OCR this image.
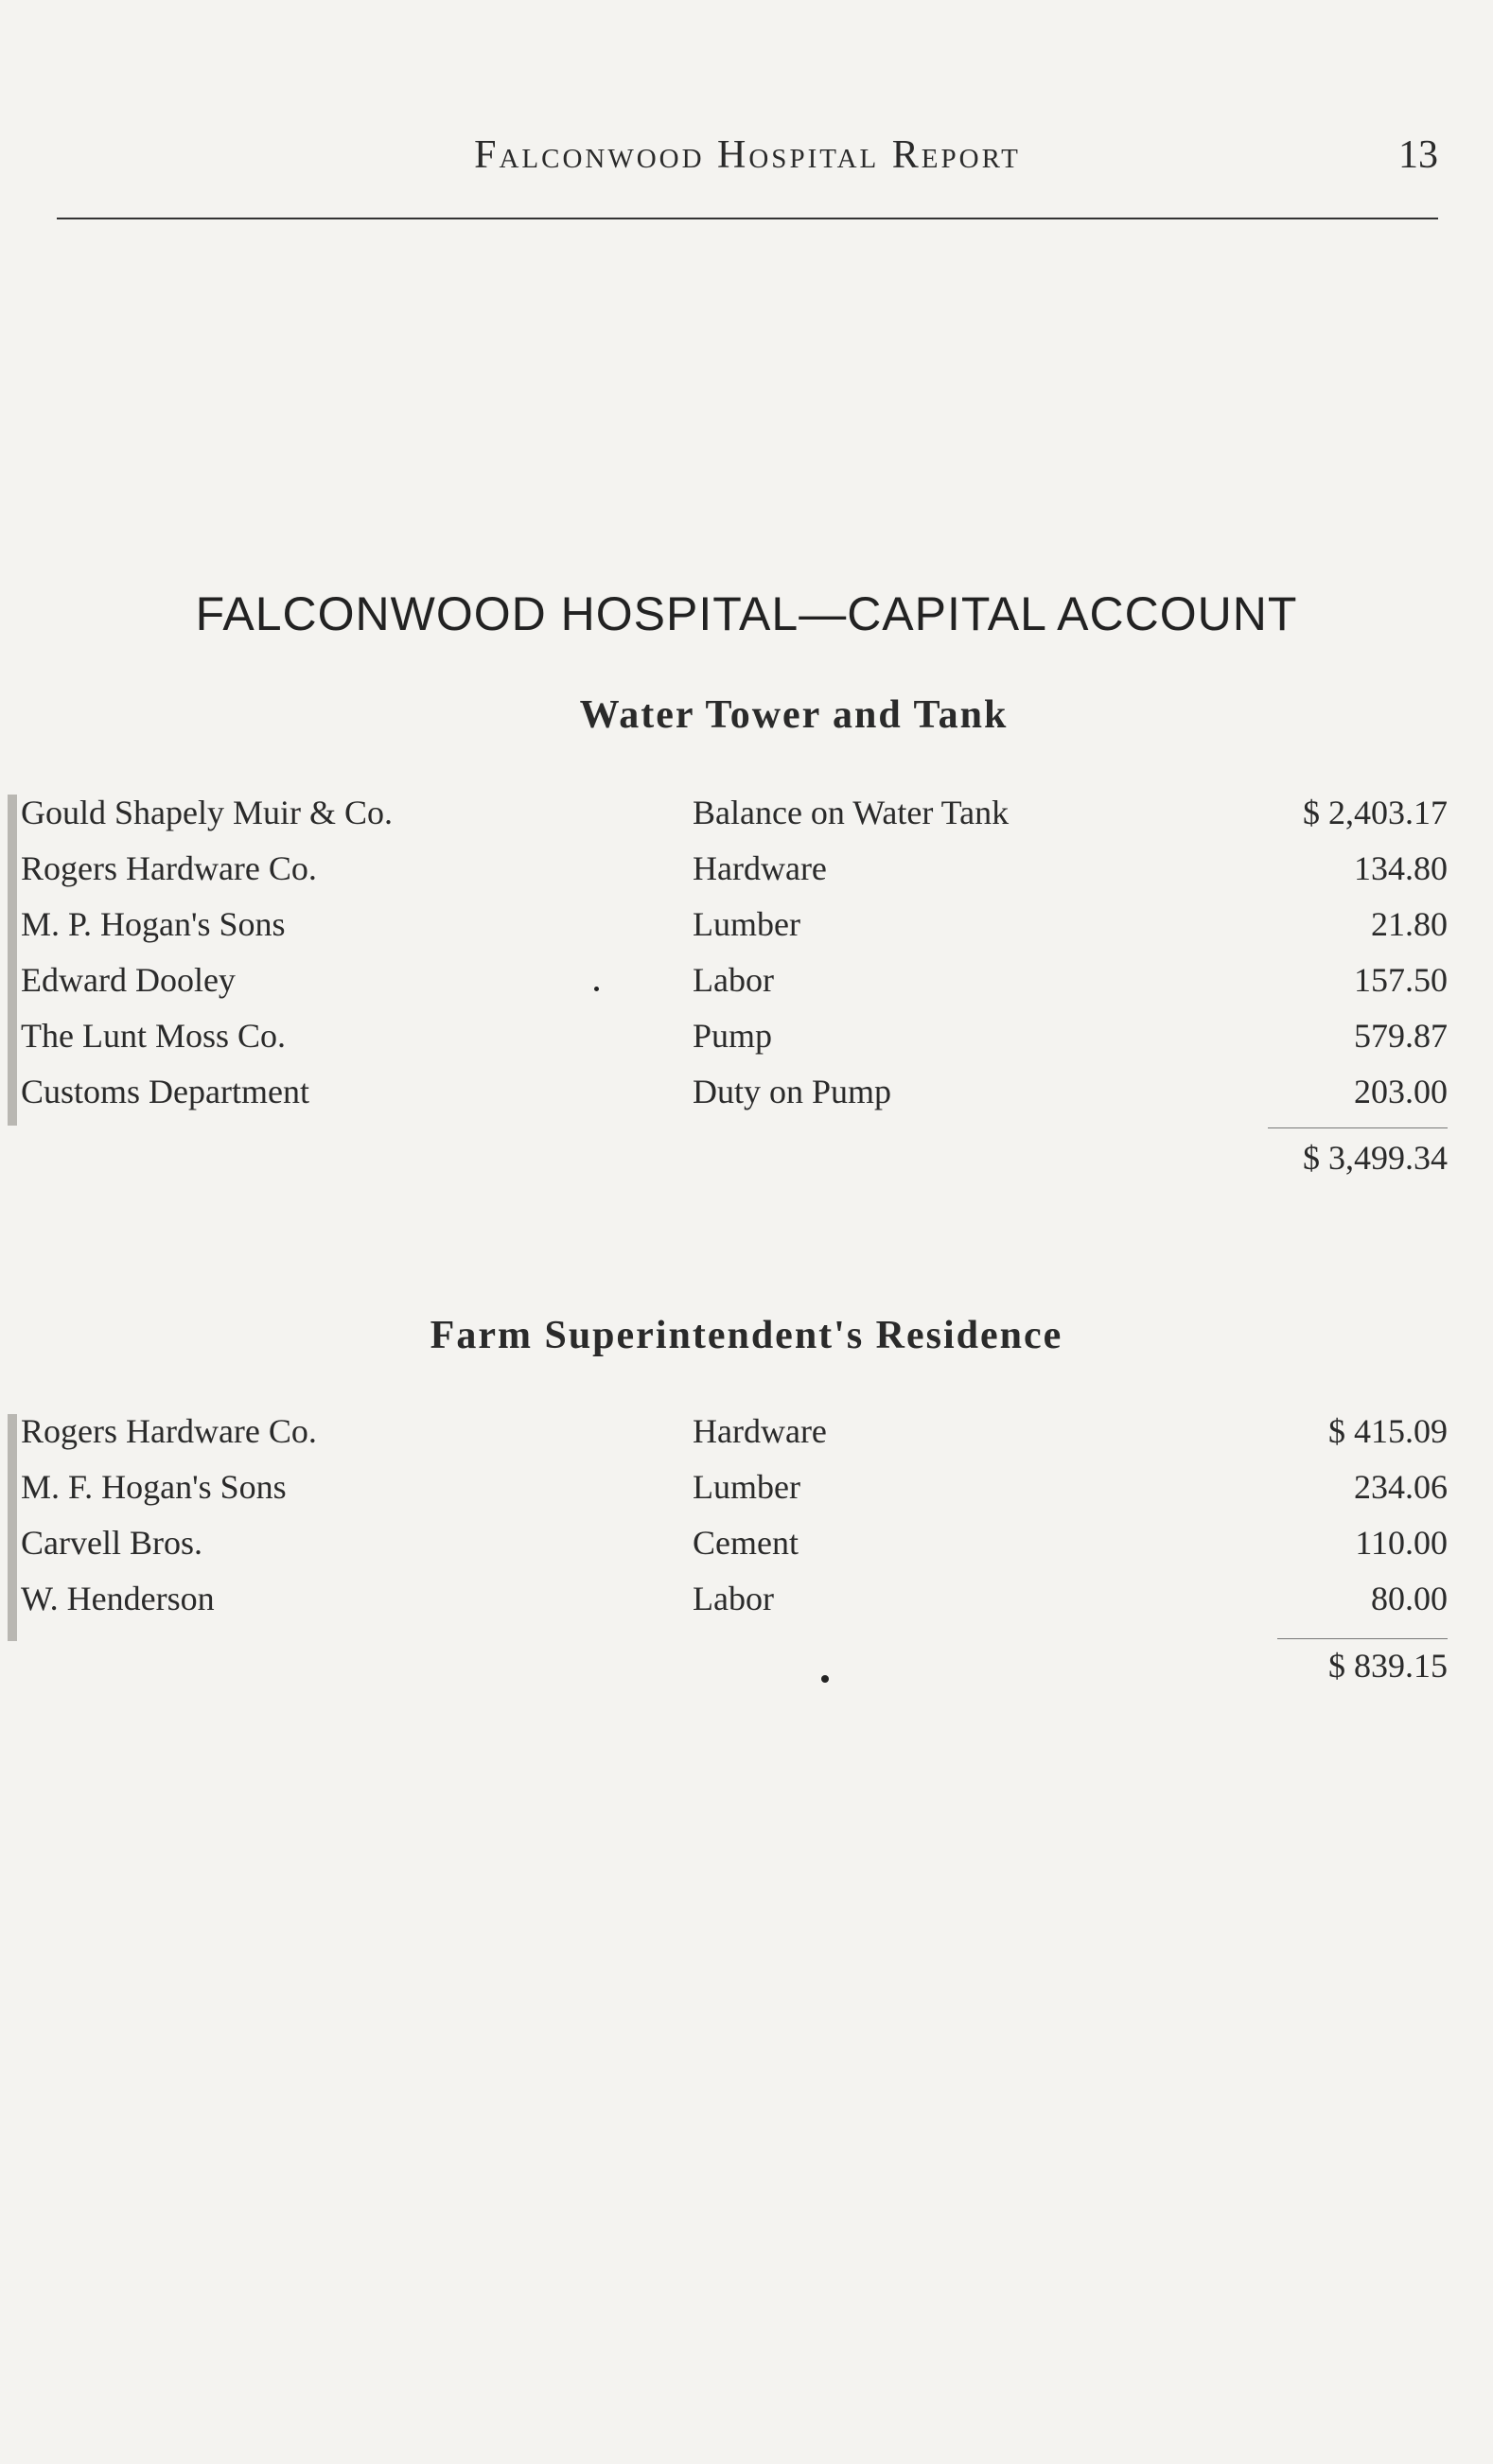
Falconwood Hospital Report	13
FALCONWOOD HOSPITAL—CAPITAL ACCOUNT
Water Tower and Tank
Gould Shapely Muir & Co.	Balance on Water Tank	$ 2,403.17
Rogers Hardware Co.	Hardware	134.80
M. P. Hogan's Sons	Lumber	21.80
Edward Dooley	Labor	157.50
The Lunt Moss Co.	Pump	579.87
Customs Department	Duty on Pump	203.00
$ 3,499.34
Farm Superintendent's Residence
Rogers Hardware Co.	Hardware	$ 415.09
M. F. Hogan's Sons	Lumber	234.06
Carvell Bros.	Cement	110.00
W. Henderson	Labor	80.00
$ 839.15
